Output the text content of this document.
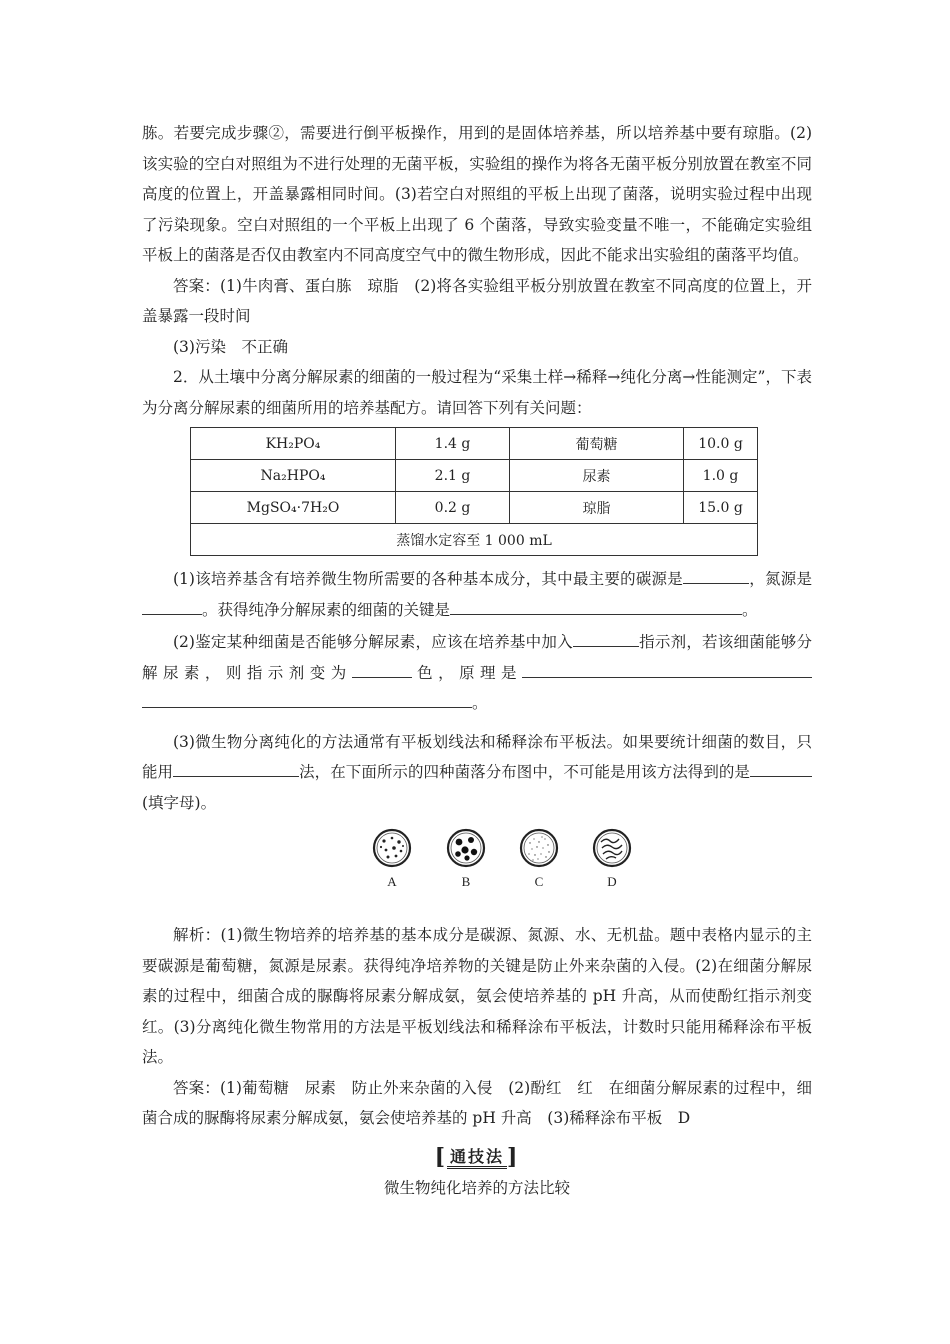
胨。若要完成步骤②，需要进行倒平板操作，用到的是固体培养基，所以培养基中要有琼脂。(2)该实验的空白对照组为不进行处理的无菌平板，实验组的操作为将各无菌平板分别放置在教室不同高度的位置上，开盖暴露相同时间。(3)若空白对照组的平板上出现了菌落，说明实验过程中出现了污染现象。空白对照组的一个平板上出现了 6 个菌落，导致实验变量不唯一，不能确定实验组平板上的菌落是否仅由教室内不同高度空气中的微生物形成，因此不能求出实验组的菌落平均值。

答案：(1)牛肉膏、蛋白胨　琼脂　(2)将各实验组平板分别放置在教室不同高度的位置上，开盖暴露一段时间

(3)污染　不正确

2．从土壤中分离分解尿素的细菌的一般过程为“采集土样→稀释→纯化分离→性能测定”，下表为分离分解尿素的细菌所用的培养基配方。请回答下列有关问题：

KH₂PO₄	1.4 g	葡萄糖	10.0 g
Na₂HPO₄	2.1 g	尿素	1.0 g
MgSO₄·7H₂O	0.2 g	琼脂	15.0 g
蒸馏水定容至 1 000 mL			

(1)该培养基含有培养微生物所需要的各种基本成分，其中最主要的碳源是	，氮源是。获得纯净分解尿素的细菌的关键是	。

(2)鉴定某种细菌是否能够分解尿素，应该在培养基中加入	指示剂，若该细菌能够分解尿素，则指示剂变为	色，原理是。

(3)微生物分离纯化的方法通常有平板划线法和稀释涂布平板法。如果要统计细菌的数目，只能用	法，在下面所示的四种菌落分布图中，不可能是用该方法得到的是(填字母)。

A	B	C	D

解析：(1)微生物培养的培养基的基本成分是碳源、氮源、水、无机盐。题中表格内显示的主要碳源是葡萄糖，氮源是尿素。获得纯净培养物的关键是防止外来杂菌的入侵。(2)在细菌分解尿素的过程中，细菌合成的脲酶将尿素分解成氨，氨会使培养基的 pH 升高，从而使酚红指示剂变红。(3)分离纯化微生物常用的方法是平板划线法和稀释涂布平板法，计数时只能用稀释涂布平板法。

答案：(1)葡萄糖　尿素　防止外来杂菌的入侵　(2)酚红　红　在细菌分解尿素的过程中，细菌合成的脲酶将尿素分解成氨，氨会使培养基的 pH 升高　(3)稀释涂布平板　D

[ 通技法 ]
微生物纯化培养的方法比较
